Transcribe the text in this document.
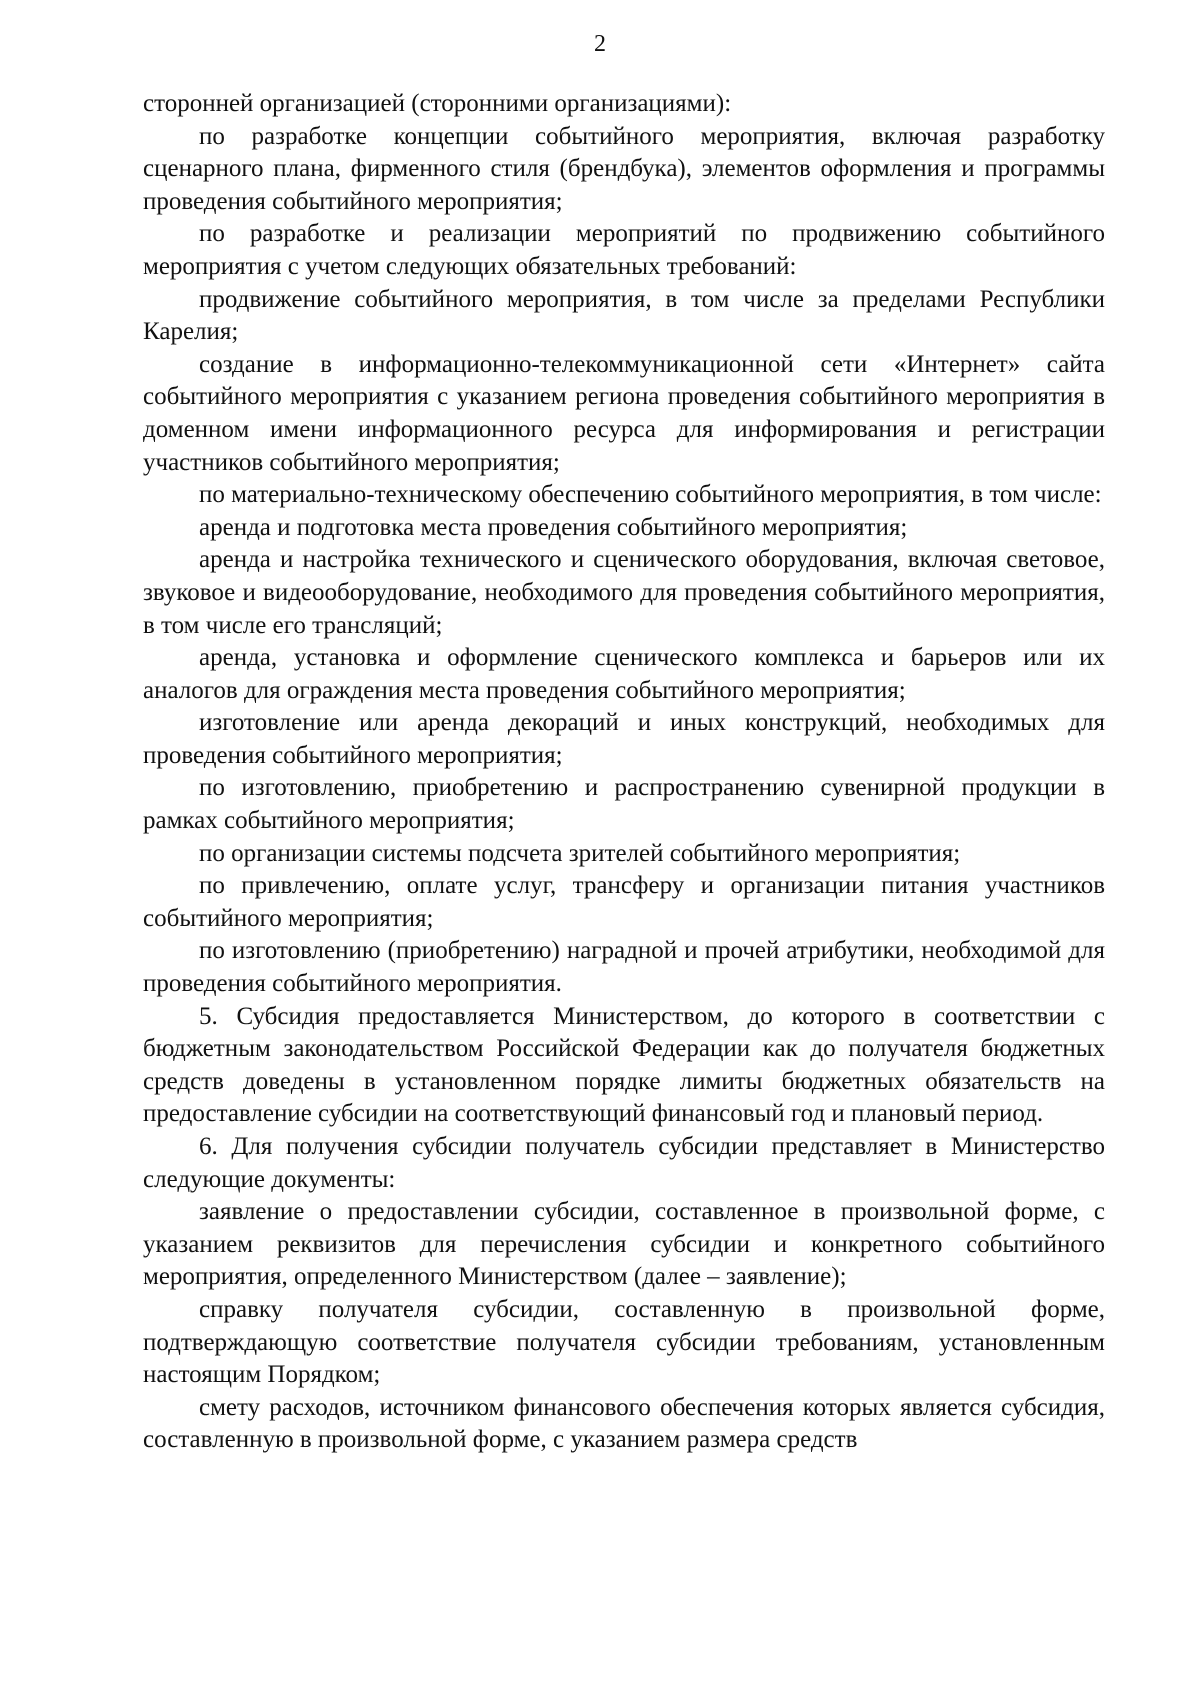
2

сторонней организацией (сторонними организациями):

по разработке концепции событийного мероприятия, включая разработку сценарного плана, фирменного стиля (брендбука), элементов оформления и программы проведения событийного мероприятия;

по разработке и реализации мероприятий по продвижению событийного мероприятия с учетом следующих обязательных требований:

продвижение событийного мероприятия, в том числе за пределами Республики Карелия;

создание в информационно-телекоммуникационной сети «Интернет» сайта событийного мероприятия с указанием региона проведения событийного мероприятия в доменном имени информационного ресурса для информирования и регистрации участников событийного мероприятия;

по материально-техническому обеспечению событийного мероприятия, в том числе:

аренда и подготовка места проведения событийного мероприятия;

аренда и настройка технического и сценического оборудования, включая световое, звуковое и видеооборудование, необходимого для проведения событийного мероприятия, в том числе его трансляций;

аренда, установка и оформление сценического комплекса и барьеров или их аналогов для ограждения места проведения событийного мероприятия;

изготовление или аренда декораций и иных конструкций, необходимых для проведения событийного мероприятия;

по изготовлению, приобретению и распространению сувенирной продукции в рамках событийного мероприятия;

по организации системы подсчета зрителей событийного мероприятия;

по привлечению, оплате услуг, трансферу и организации питания участников событийного мероприятия;

по изготовлению (приобретению) наградной и прочей атрибутики, необходимой для проведения событийного мероприятия.

5. Субсидия предоставляется Министерством, до которого в соответствии с бюджетным законодательством Российской Федерации как до получателя бюджетных средств доведены в установленном порядке лимиты бюджетных обязательств на предоставление субсидии на соответствующий финансовый год и плановый период.

6. Для получения субсидии получатель субсидии представляет в Министерство следующие документы:

заявление о предоставлении субсидии, составленное в произвольной форме, с указанием реквизитов для перечисления субсидии и конкретного событийного мероприятия, определенного Министерством (далее – заявление);

справку получателя субсидии, составленную в произвольной форме, подтверждающую соответствие получателя субсидии требованиям, установленным настоящим Порядком;

смету расходов, источником финансового обеспечения которых является субсидия, составленную в произвольной форме, с указанием размера средств
